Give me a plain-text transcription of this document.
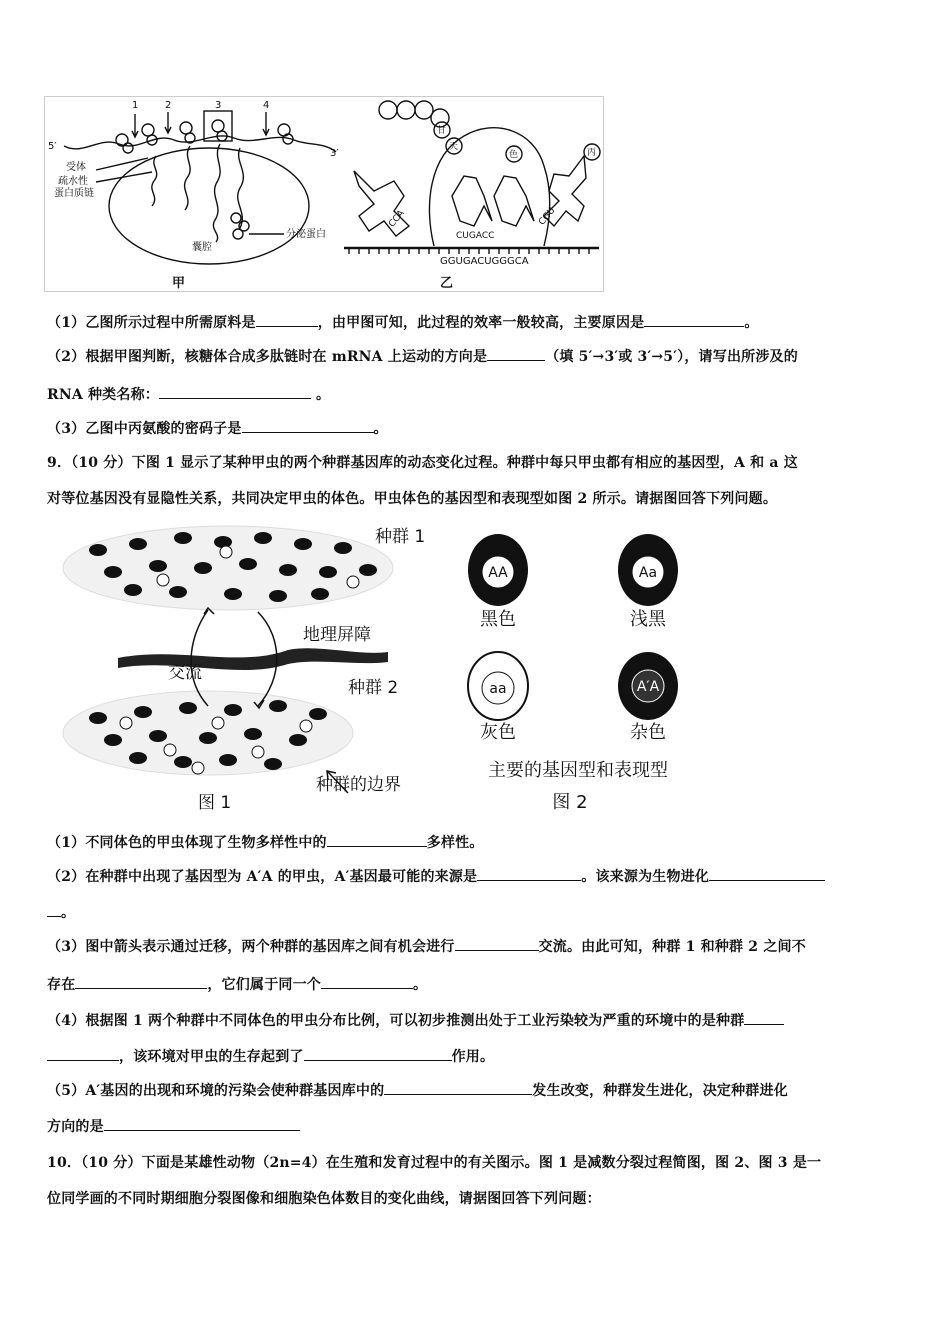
1	2	3	4
5′
3′
受体
疏水性
蛋白质链
分泌蛋白
囊腔
甲
甘
天
色	丙
CCA
CUGACC
CGU
GGUGACUGGGCA
乙
（1）乙图所示过程中所需原料是	，由甲图可知，此过程的效率一般较高，主要原因是	。
（2）根据甲图判断，核糖体合成多肽链时在 mRNA 上运动的方向是	（填 5′→3′或 3′→5′），请写出所涉及的
RNA 种类名称：	。
（3）乙图中丙氨酸的密码子是	。
9．（10 分）下图 1 显示了某种甲虫的两个种群基因库的动态变化过程。种群中每只甲虫都有相应的基因型，A 和 a 这
对等位基因没有显隐性关系，共同决定甲虫的体色。甲虫体色的基因型和表现型如图 2 所示。请据图回答下列问题。
种群 1
地理屏障
交流
种群 2
种群的边界
图 1
AA	Aa
aa	A′A
黑色	浅黑
灰色	杂色
主要的基因型和表现型
图 2
（1）不同体色的甲虫体现了生物多样性中的	多样性。
（2）在种群中出现了基因型为 A′A 的甲虫，A′基因最可能的来源是	。该来源为生物进化
。
（3）图中箭头表示通过迁移，两个种群的基因库之间有机会进行	交流。由此可知，种群 1 和种群 2 之间不
存在	，它们属于同一个	。
（4）根据图 1 两个种群中不同体色的甲虫分布比例，可以初步推测出处于工业污染较为严重的环境中的是种群
，该环境对甲虫的生存起到了	作用。
（5）A′基因的出现和环境的污染会使种群基因库中的	发生改变，种群发生进化，决定种群进化
方向的是
10．（10 分）下面是某雄性动物（2n=4）在生殖和发育过程中的有关图示。图 1 是减数分裂过程简图，图 2、图 3 是一
位同学画的不同时期细胞分裂图像和细胞染色体数目的变化曲线，请据图回答下列问题：
